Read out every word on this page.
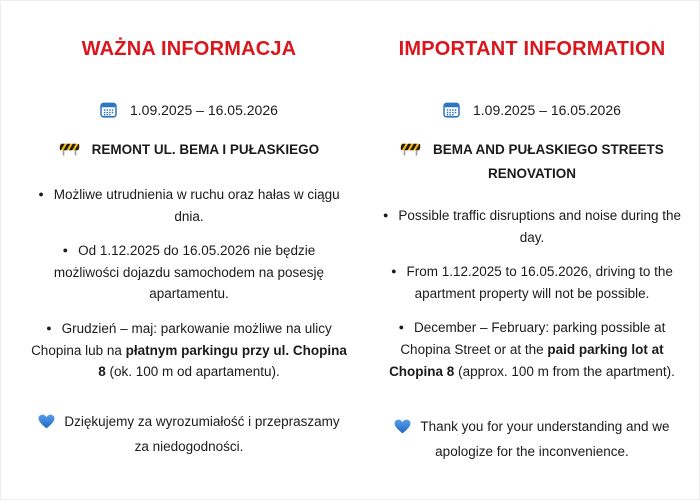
WAŻNA INFORMACJA
1.09.2025 – 16.05.2026
REMONT UL. BEMA I PUŁASKIEGO

● Możliwe utrudnienia w ruchu oraz hałas w ciągu dnia.

● Od 1.12.2025 do 16.05.2026 nie będzie możliwości dojazdu samochodem na posesję apartamentu.

● Grudzień – maj: parkowanie możliwe na ulicy Chopina lub na płatnym parkingu przy ul. Chopina 8 (ok. 100 m od apartamentu).

Dziękujemy za wyrozumiałość i przepraszamy za niedogodności.

IMPORTANT INFORMATION
1.09.2025 – 16.05.2026
BEMA AND PUŁASKIEGO STREETS RENOVATION

● Possible traffic disruptions and noise during the day.

● From 1.12.2025 to 16.05.2026, driving to the apartment property will not be possible.

● December – February: parking possible at Chopina Street or at the paid parking lot at Chopina 8 (approx. 100 m from the apartment).

Thank you for your understanding and we apologize for the inconvenience.
